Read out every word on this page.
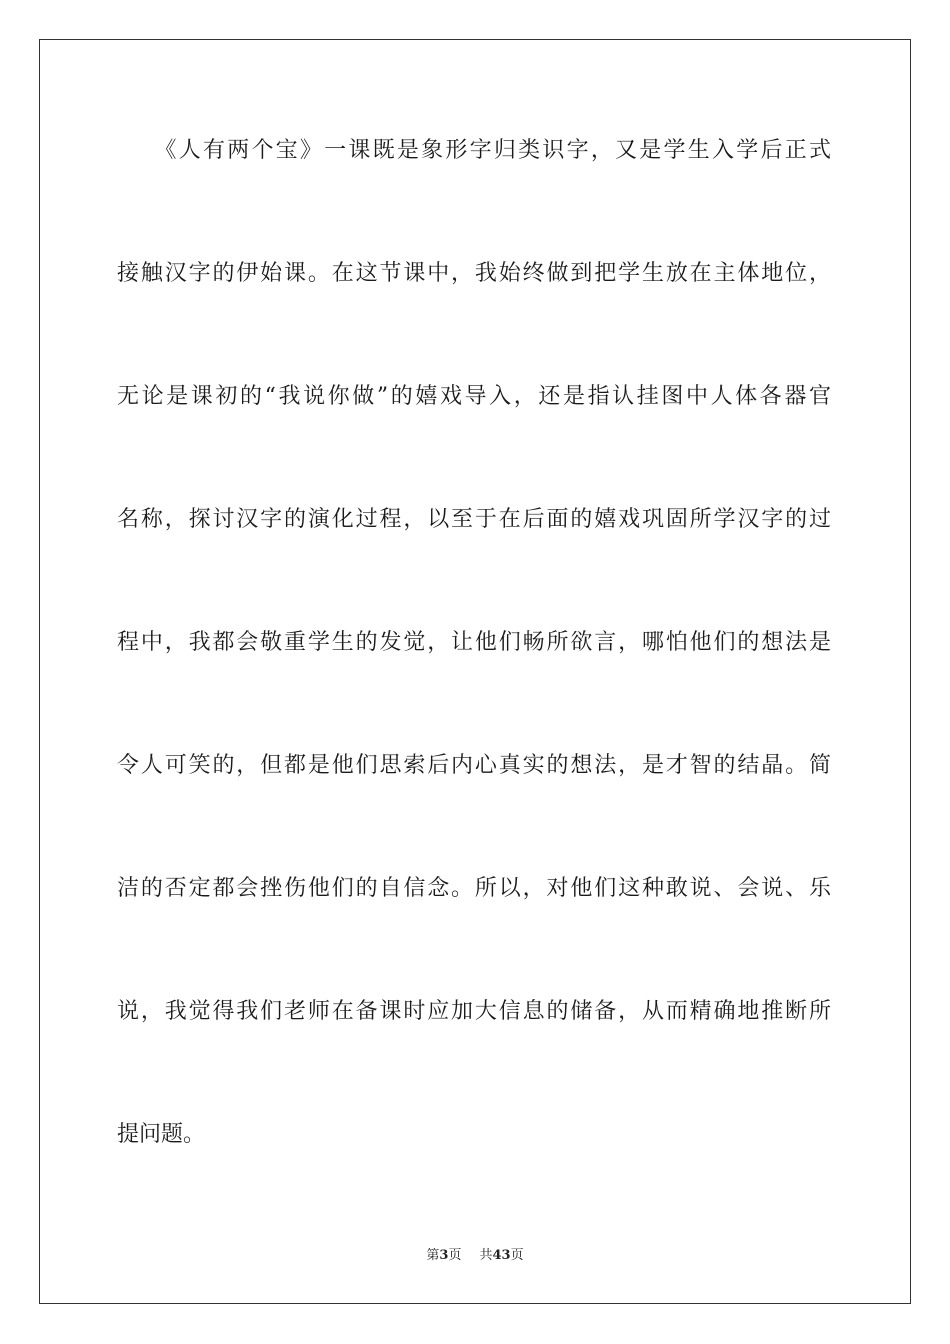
　　《人有两个宝》一课既是象形字归类识字，又是学生入学后正式
接触汉字的伊始课。在这节课中，我始终做到把学生放在主体地位，
无论是课初的“我说你做”的嬉戏导入，还是指认挂图中人体各器官
名称，探讨汉字的演化过程，以至于在后面的嬉戏巩固所学汉字的过
程中，我都会敬重学生的发觉，让他们畅所欲言，哪怕他们的想法是
令人可笑的，但都是他们思索后内心真实的想法，是才智的结晶。简
洁的否定都会挫伤他们的自信念。所以，对他们这种敢说、会说、乐
说，我觉得我们老师在备课时应加大信息的储备，从而精确地推断所
提问题。
第3页 共43页
